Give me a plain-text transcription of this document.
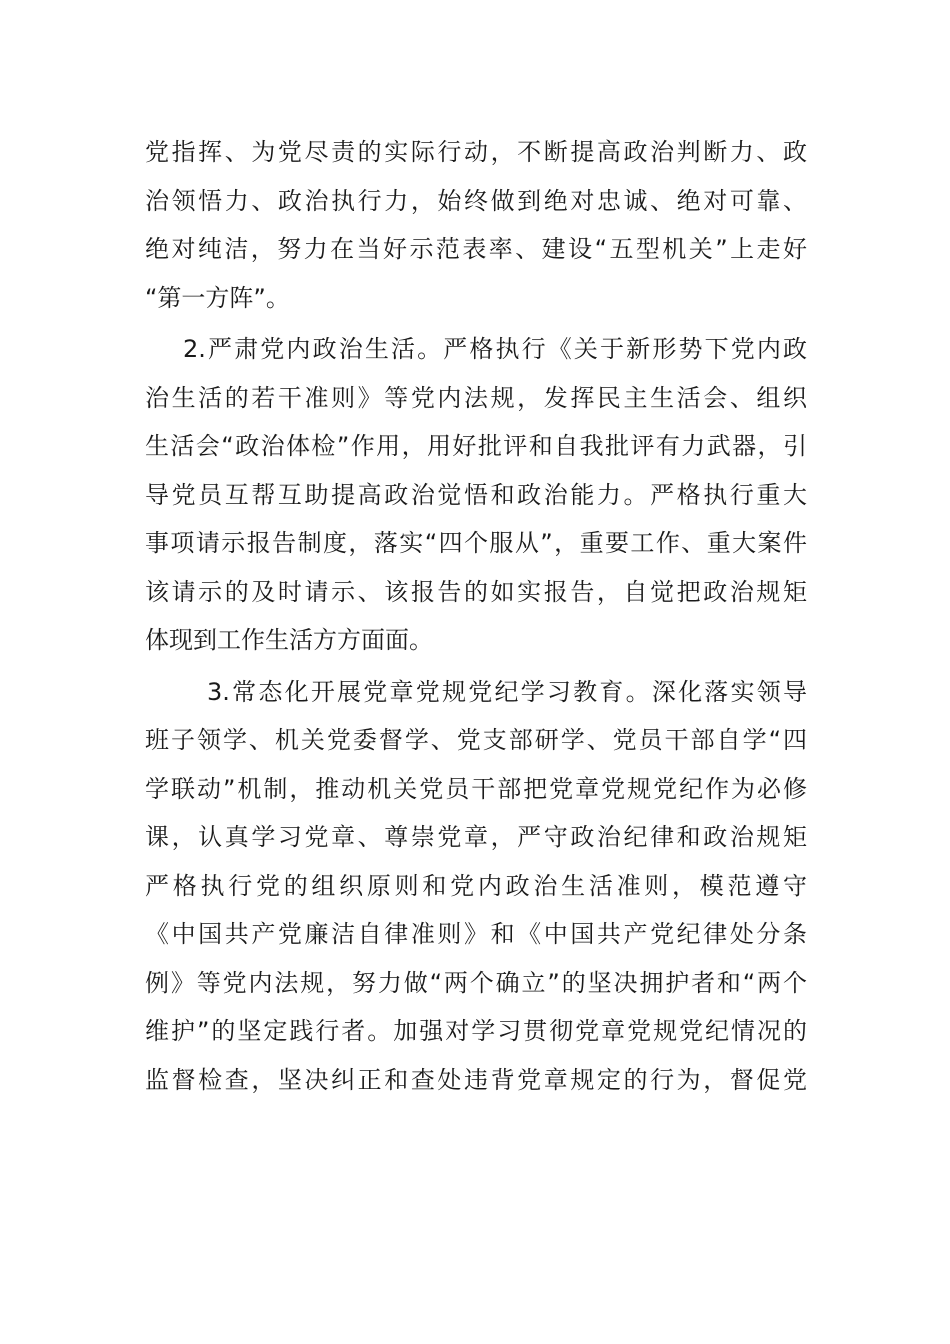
党指挥、为党尽责的实际行动，不断提高政治判断力、政
治领悟力、政治执行力，始终做到绝对忠诚、绝对可靠、
绝对纯洁，努力在当好示范表率、建设“五型机关”上走好
“第一方阵”。
2.严肃党内政治生活。严格执行《关于新形势下党内政
治生活的若干准则》等党内法规，发挥民主生活会、组织
生活会“政治体检”作用，用好批评和自我批评有力武器，引
导党员互帮互助提高政治觉悟和政治能力。严格执行重大
事项请示报告制度，落实“四个服从”，重要工作、重大案件
该请示的及时请示、该报告的如实报告，自觉把政治规矩
体现到工作生活方方面面。
3.常态化开展党章党规党纪学习教育。深化落实领导
班子领学、机关党委督学、党支部研学、党员干部自学“四
学联动”机制，推动机关党员干部把党章党规党纪作为必修
课，认真学习党章、尊崇党章，严守政治纪律和政治规矩
严格执行党的组织原则和党内政治生活准则，模范遵守
《中国共产党廉洁自律准则》和《中国共产党纪律处分条
例》等党内法规，努力做“两个确立”的坚决拥护者和“两个
维护”的坚定践行者。加强对学习贯彻党章党规党纪情况的
监督检查，坚决纠正和查处违背党章规定的行为，督促党
